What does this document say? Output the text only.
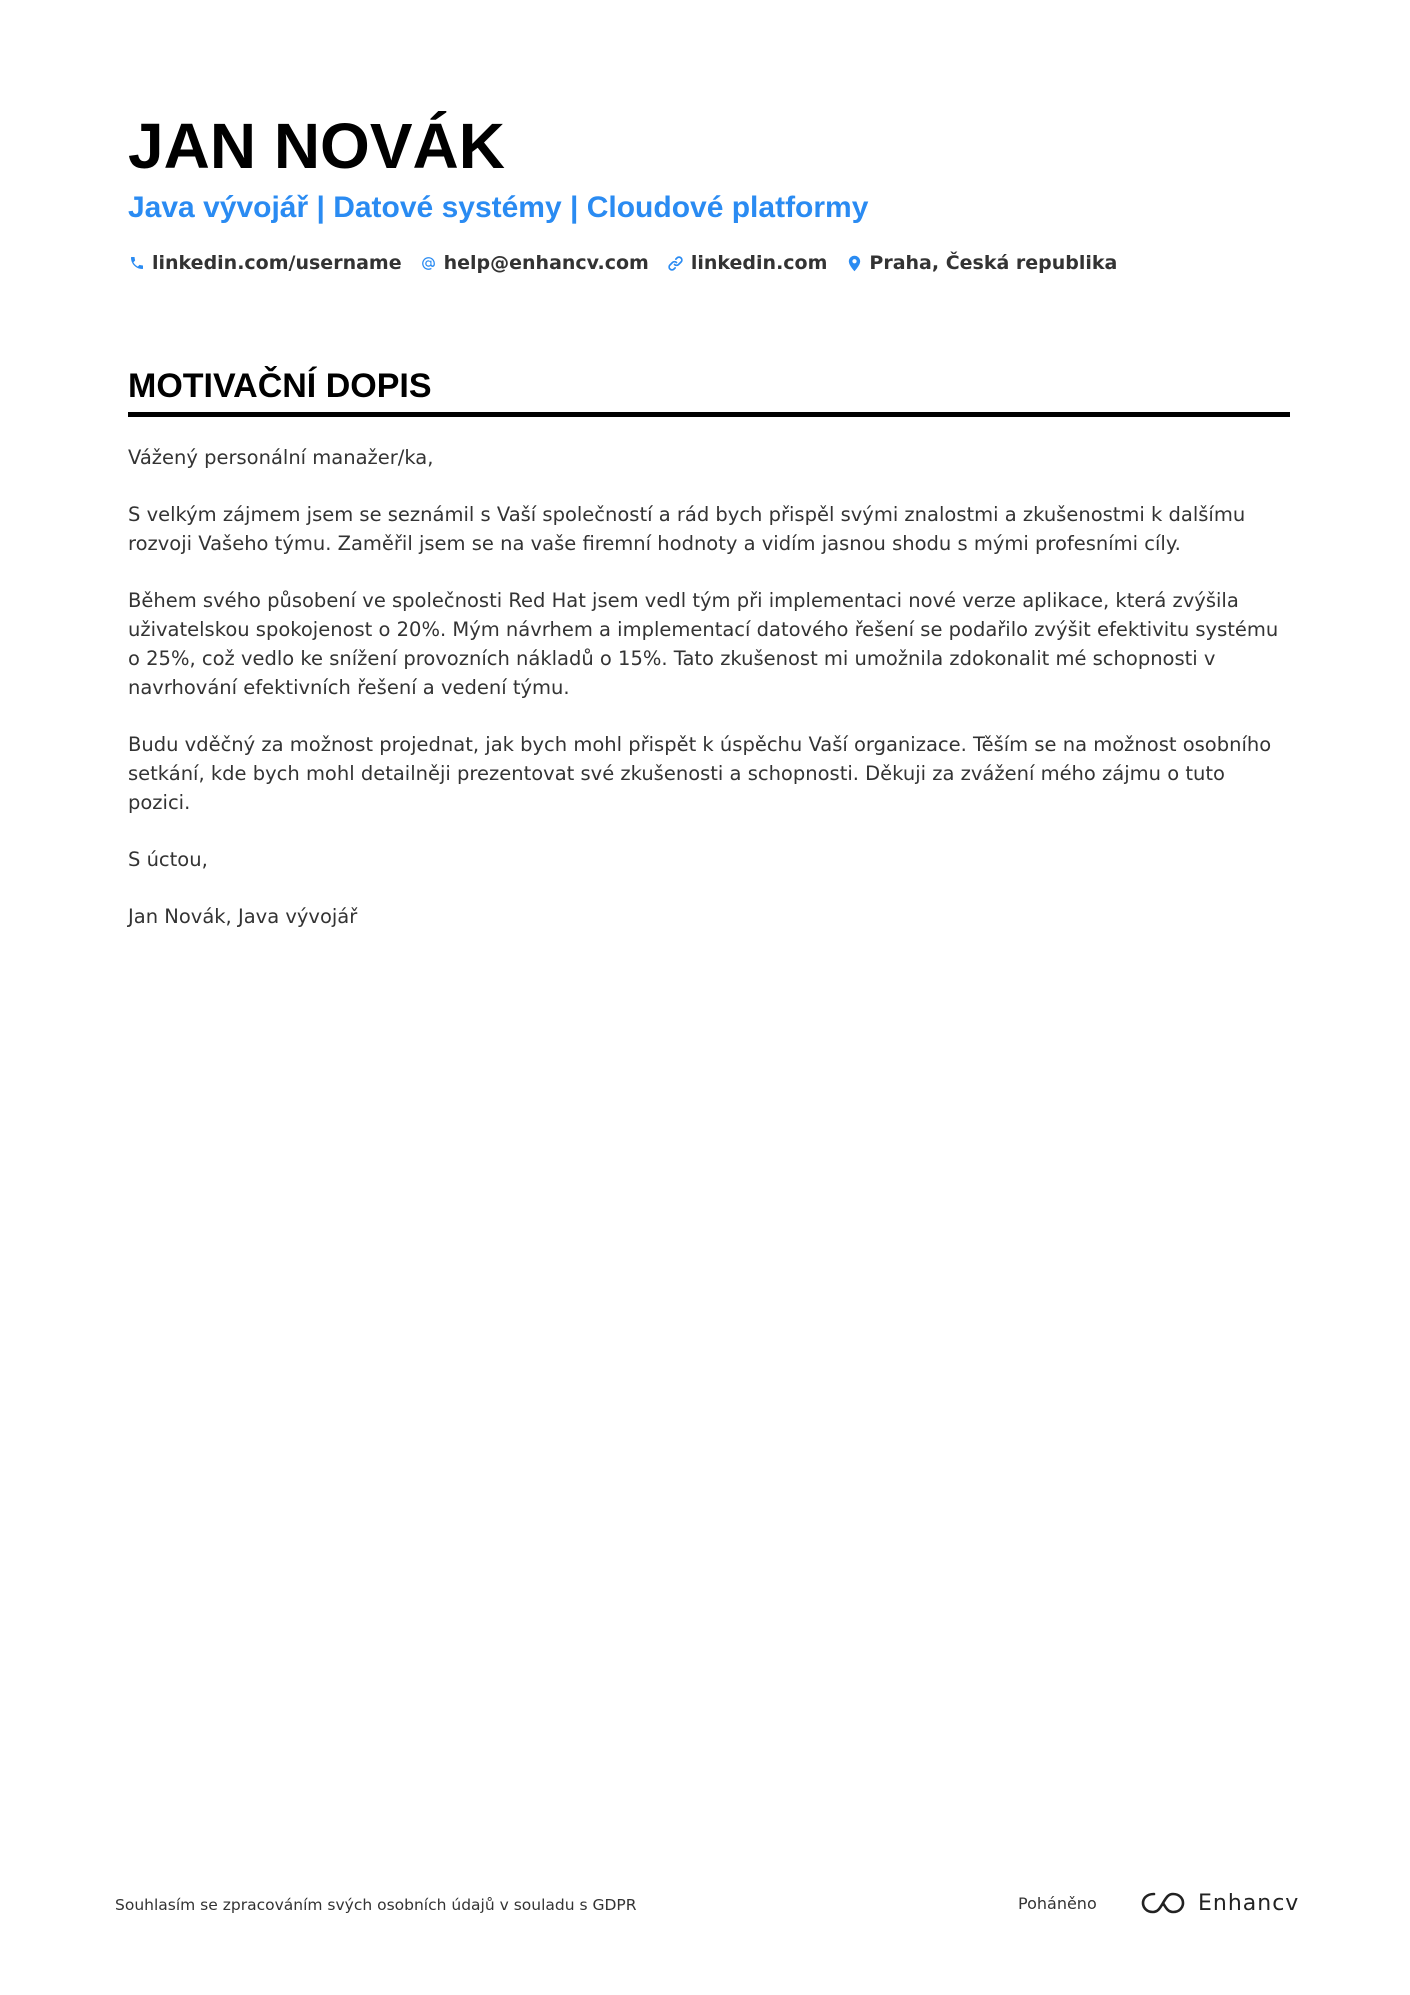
JAN NOVÁK
Java vývojář | Datové systémy | Cloudové platformy
linkedin.com/username help@enhancv.com linkedin.com Praha, Česká republika
MOTIVAČNÍ DOPIS

Vážený personální manažer/ka,

S velkým zájmem jsem se seznámil s Vaší společností a rád bych přispěl svými znalostmi a zkušenostmi k dalšímu rozvoji Vašeho týmu. Zaměřil jsem se na vaše firemní hodnoty a vidím jasnou shodu s mými profesními cíly.

Během svého působení ve společnosti Red Hat jsem vedl tým při implementaci nové verze aplikace, která zvýšila uživatelskou spokojenost o 20%. Mým návrhem a implementací datového řešení se podařilo zvýšit efektivitu systému o 25%, což vedlo ke snížení provozních nákladů o 15%. Tato zkušenost mi umožnila zdokonalit mé schopnosti v navrhování efektivních řešení a vedení týmu.

Budu vděčný za možnost projednat, jak bych mohl přispět k úspěchu Vaší organizace. Těším se na možnost osobního setkání, kde bych mohl detailněji prezentovat své zkušenosti a schopnosti. Děkuji za zvážení mého zájmu o tuto pozici.

S úctou,

Jan Novák, Java vývojář

Souhlasím se zpracováním svých osobních údajů v souladu s GDPR	Poháněno	Enhancv
